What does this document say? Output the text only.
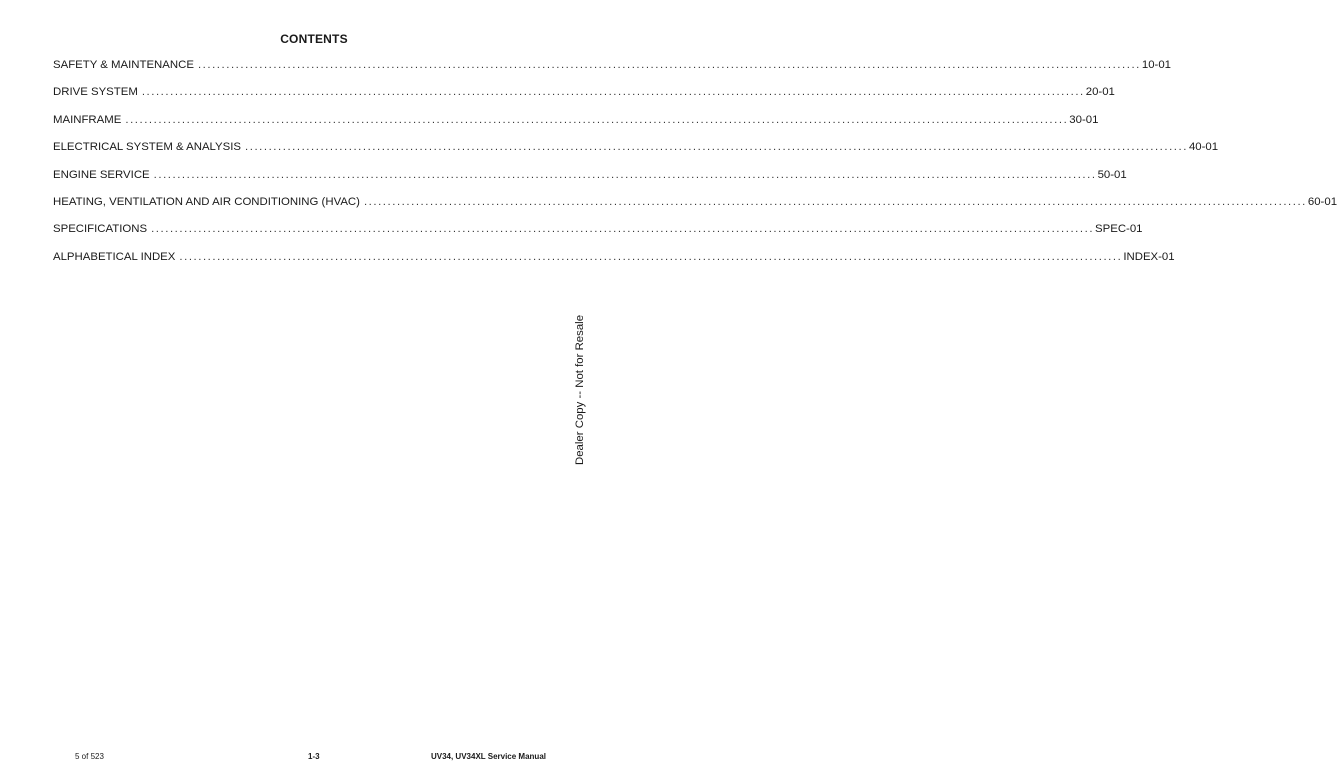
CONTENTS
SAFETY & MAINTENANCE ........................................................................................................................................................................................................ 10-01
DRIVE SYSTEM ........................................................................................................................................................................................................ 20-01
MAINFRAME ........................................................................................................................................................................................................ 30-01
ELECTRICAL SYSTEM & ANALYSIS ........................................................................................................................................................................................................ 40-01
ENGINE SERVICE ........................................................................................................................................................................................................ 50-01
HEATING, VENTILATION AND AIR CONDITIONING (HVAC) ........................................................................................................................................................................................................ 60-01
SPECIFICATIONS ........................................................................................................................................................................................................ SPEC-01
ALPHABETICAL INDEX ........................................................................................................................................................................................................ INDEX-01
Dealer Copy -- Not for Resale
5 of 523	1-3	UV34, UV34XL Service Manual
